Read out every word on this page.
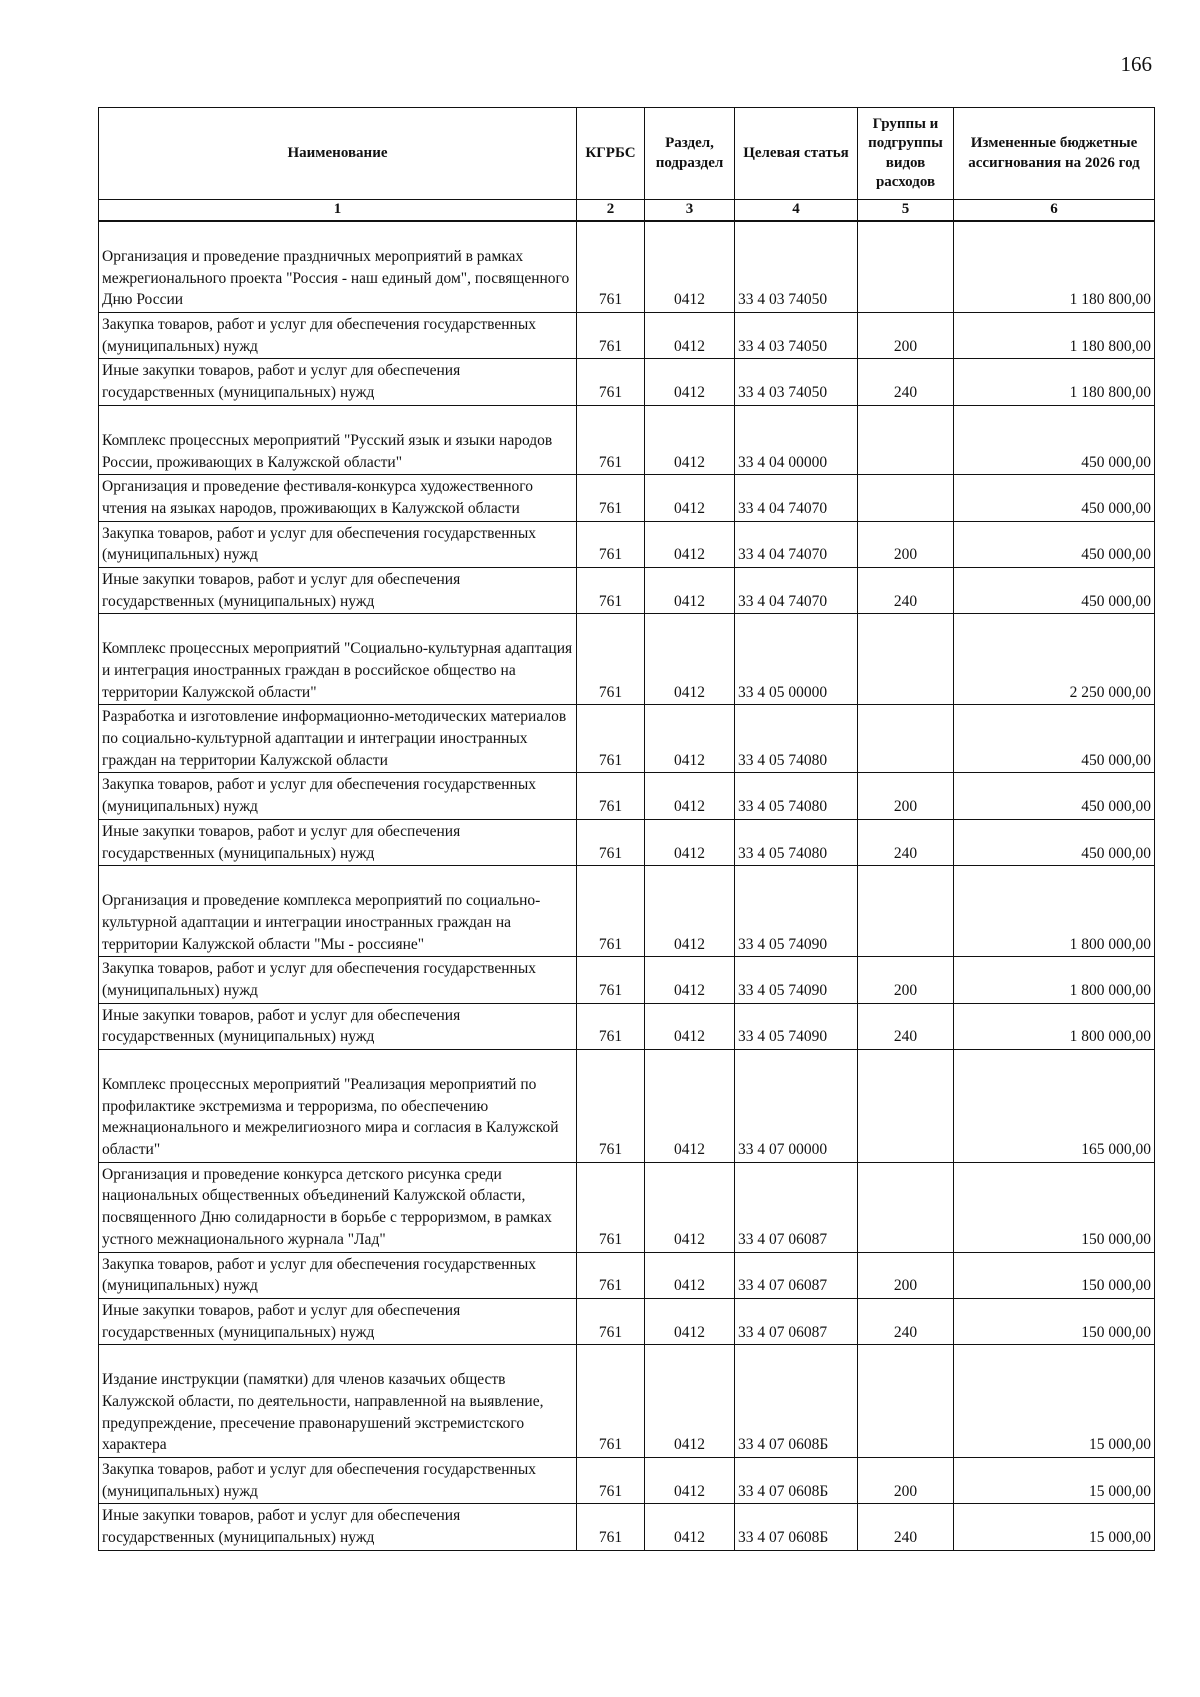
166
Наименование	КГРБС	Раздел, подраздел	Целевая статья	Группы и подгруппы видов расходов	Измененные бюджетные ассигнования на 2026 год
1	2	3	4	5	6
Организация и проведение праздничных мероприятий в рамках межрегионального проекта "Россия - наш единый дом", посвященного Дню России	761	0412	33 4 03 74050		1 180 800,00
Закупка товаров, работ и услуг для обеспечения государственных (муниципальных) нужд	761	0412	33 4 03 74050	200	1 180 800,00
Иные закупки товаров, работ и услуг для обеспечения государственных (муниципальных) нужд	761	0412	33 4 03 74050	240	1 180 800,00
Комплекс процессных мероприятий "Русский язык и языки народов России, проживающих в Калужской области"	761	0412	33 4 04 00000		450 000,00
Организация и проведение фестиваля-конкурса художественного чтения на языках народов, проживающих в Калужской области	761	0412	33 4 04 74070		450 000,00
Закупка товаров, работ и услуг для обеспечения государственных (муниципальных) нужд	761	0412	33 4 04 74070	200	450 000,00
Иные закупки товаров, работ и услуг для обеспечения государственных (муниципальных) нужд	761	0412	33 4 04 74070	240	450 000,00
Комплекс процессных мероприятий "Социально-культурная адаптация и интеграция иностранных граждан в российское общество на территории Калужской области"	761	0412	33 4 05 00000		2 250 000,00
Разработка и изготовление информационно-методических материалов по социально-культурной адаптации и интеграции иностранных граждан на территории Калужской области	761	0412	33 4 05 74080		450 000,00
Закупка товаров, работ и услуг для обеспечения государственных (муниципальных) нужд	761	0412	33 4 05 74080	200	450 000,00
Иные закупки товаров, работ и услуг для обеспечения государственных (муниципальных) нужд	761	0412	33 4 05 74080	240	450 000,00
Организация и проведение комплекса мероприятий по социально-культурной адаптации и интеграции иностранных граждан на территории Калужской области "Мы - россияне"	761	0412	33 4 05 74090		1 800 000,00
Закупка товаров, работ и услуг для обеспечения государственных (муниципальных) нужд	761	0412	33 4 05 74090	200	1 800 000,00
Иные закупки товаров, работ и услуг для обеспечения государственных (муниципальных) нужд	761	0412	33 4 05 74090	240	1 800 000,00
Комплекс процессных мероприятий "Реализация мероприятий по профилактике экстремизма и терроризма, по обеспечению межнационального и межрелигиозного мира и согласия в Калужской области"	761	0412	33 4 07 00000		165 000,00
Организация и проведение конкурса детского рисунка среди национальных общественных объединений Калужской области, посвященного Дню солидарности в борьбе с терроризмом, в рамках устного межнационального журнала "Лад"	761	0412	33 4 07 06087		150 000,00
Закупка товаров, работ и услуг для обеспечения государственных (муниципальных) нужд	761	0412	33 4 07 06087	200	150 000,00
Иные закупки товаров, работ и услуг для обеспечения государственных (муниципальных) нужд	761	0412	33 4 07 06087	240	150 000,00
Издание инструкции (памятки) для членов казачьих обществ Калужской области, по деятельности, направленной на выявление, предупреждение, пресечение правонарушений экстремистского характера	761	0412	33 4 07 0608Б		15 000,00
Закупка товаров, работ и услуг для обеспечения государственных (муниципальных) нужд	761	0412	33 4 07 0608Б	200	15 000,00
Иные закупки товаров, работ и услуг для обеспечения государственных (муниципальных) нужд	761	0412	33 4 07 0608Б	240	15 000,00
